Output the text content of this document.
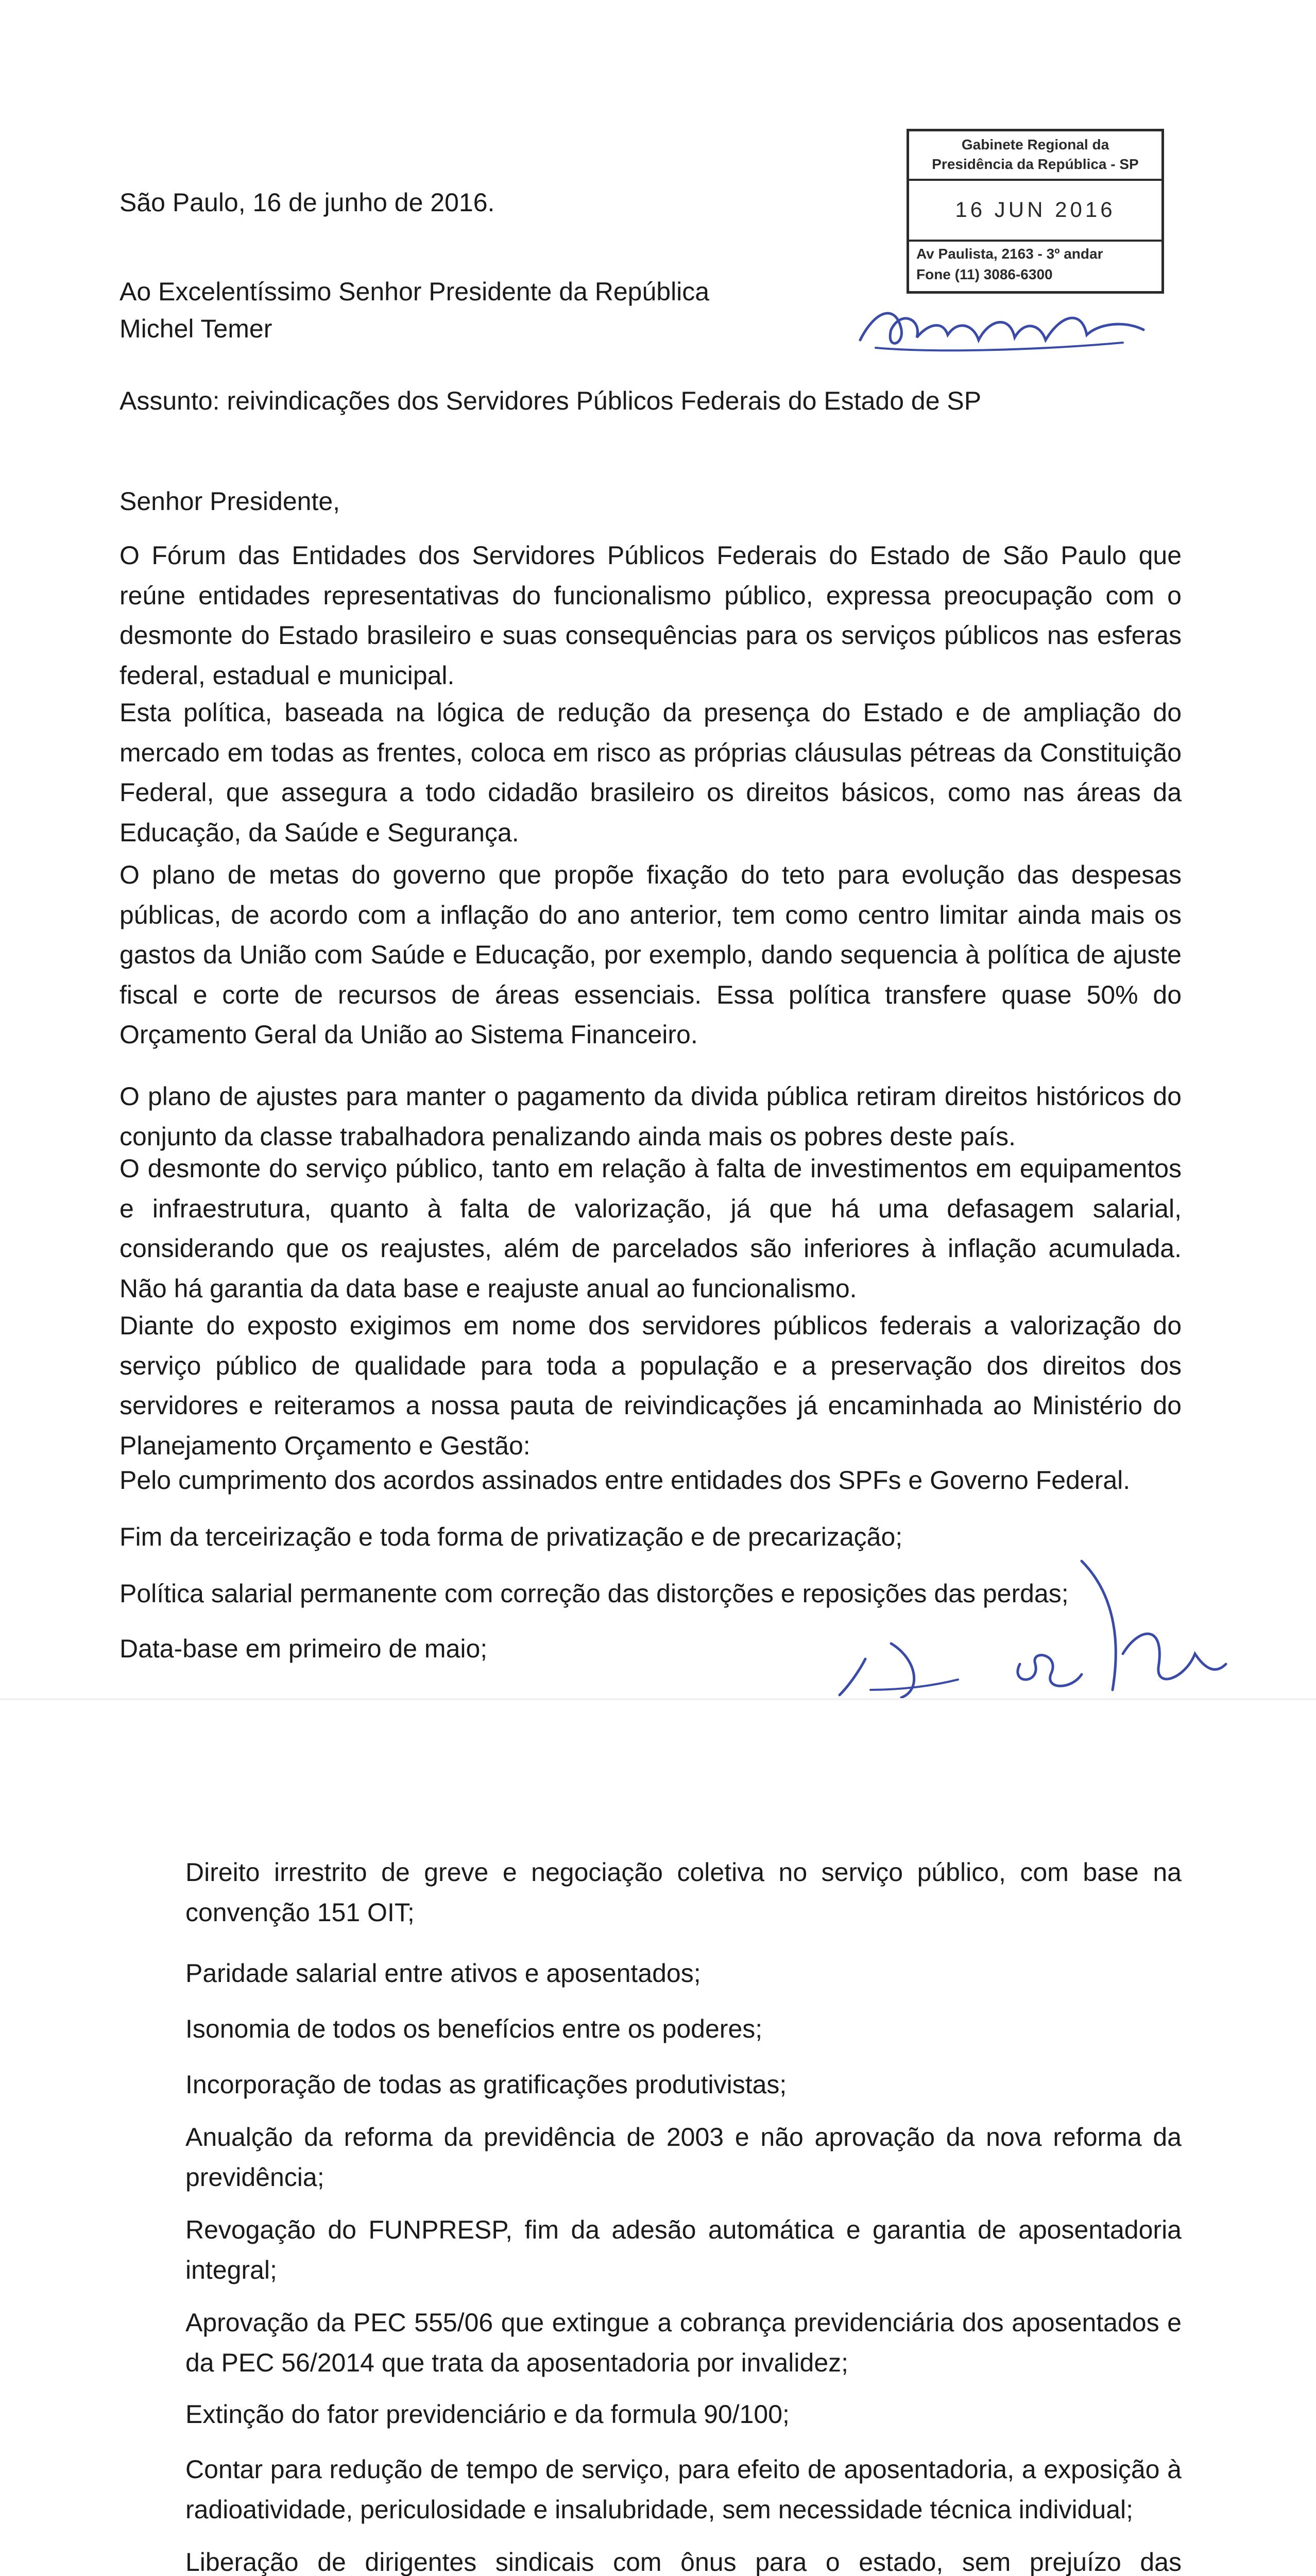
São Paulo, 16 de junho de 2016.
Gabinete Regional da
Presidência da República - SP
16 JUN 2016
Av Paulista, 2163 - 3º andar
Fone (11) 3086-6300
Ao Excelentíssimo Senhor Presidente da República
Michel Temer
Assunto: reivindicações dos Servidores Públicos Federais do Estado de SP
Senhor Presidente,

O Fórum das Entidades dos Servidores Públicos Federais do Estado de São Paulo que reúne entidades representativas do funcionalismo público, expressa preocupação com o desmonte do Estado brasileiro e suas consequências para os serviços públicos nas esferas federal, estadual e municipal.

Esta política, baseada na lógica de redução da presença do Estado e de ampliação do mercado em todas as frentes, coloca em risco as próprias cláusulas pétreas da Constituição Federal, que assegura a todo cidadão brasileiro os direitos básicos, como nas áreas da Educação, da Saúde e Segurança.

O plano de metas do governo que propõe fixação do teto para evolução das despesas públicas, de acordo com a inflação do ano anterior, tem como centro limitar ainda mais os gastos da União com Saúde e Educação, por exemplo, dando sequencia à política de ajuste fiscal e corte de recursos de áreas essenciais. Essa política transfere quase 50% do Orçamento Geral da União ao Sistema Financeiro.

O plano de ajustes para manter o pagamento da divida pública retiram direitos históricos do conjunto da classe trabalhadora penalizando ainda mais os pobres deste país.

O desmonte do serviço público, tanto em relação à falta de investimentos em equipamentos e infraestrutura, quanto à falta de valorização, já que há uma defasagem salarial, considerando que os reajustes, além de parcelados são inferiores à inflação acumulada. Não há garantia da data base e reajuste anual ao funcionalismo.

Diante do exposto exigimos em nome dos servidores públicos federais a valorização do serviço público de qualidade para toda a população e a preservação dos direitos dos servidores e reiteramos a nossa pauta de reivindicações já encaminhada ao Ministério do Planejamento Orçamento e Gestão:

Pelo cumprimento dos acordos assinados entre entidades dos SPFs e Governo Federal.
Fim da terceirização e toda forma de privatização e de precarização;
Política salarial permanente com correção das distorções e reposições das perdas;
Data-base em primeiro de maio;

Direito irrestrito de greve e negociação coletiva no serviço público, com base na convenção 151 OIT;

Paridade salarial entre ativos e aposentados;

Isonomia de todos os benefícios entre os poderes;

Incorporação de todas as gratificações produtivistas;

Anualção da reforma da previdência de 2003 e não aprovação da nova reforma da previdência;

Revogação do FUNPRESP, fim da adesão automática e garantia de aposentadoria integral;

Aprovação da PEC 555/06 que extingue a cobrança previdenciária dos aposentados e da PEC 56/2014 que trata da aposentadoria por invalidez;

Extinção do fator previdenciário e da formula 90/100;

Contar para redução de tempo de serviço, para efeito de aposentadoria, a exposição à radioatividade, periculosidade e insalubridade, sem necessidade técnica individual;

Liberação de dirigentes sindicais com ônus para o estado, sem prejuízo das
